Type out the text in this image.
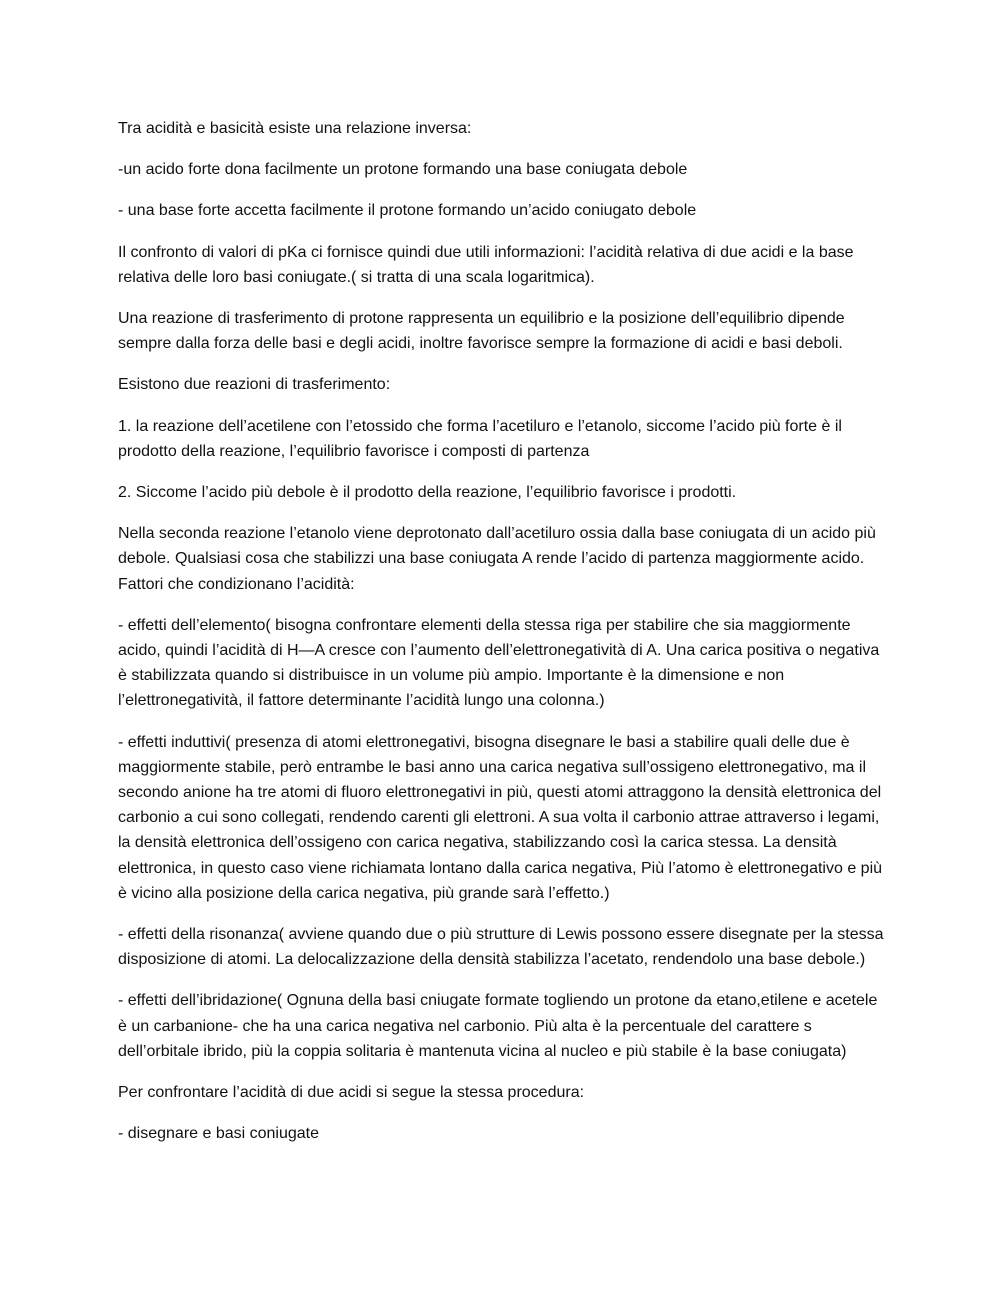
Tra acidità e basicità esiste una relazione inversa:

-un acido forte dona facilmente un protone formando una base coniugata debole

- una base forte accetta facilmente il protone formando un’acido coniugato debole

Il confronto di valori di pKa ci fornisce quindi due utili informazioni: l’acidità relativa di due acidi e la base relativa delle loro basi coniugate.( si tratta di una scala logaritmica).

Una reazione di trasferimento di protone rappresenta un equilibrio e la posizione dell’equilibrio dipende sempre dalla forza delle basi e degli acidi, inoltre favorisce sempre la formazione di acidi e basi deboli.

Esistono due reazioni di trasferimento:

1. la reazione dell’acetilene con l’etossido che forma l’acetiluro e l’etanolo, siccome l’acido più forte è il prodotto della reazione, l’equilibrio favorisce i composti di partenza

2. Siccome l’acido più debole è il prodotto della reazione, l’equilibrio favorisce i prodotti.

Nella seconda reazione l’etanolo viene deprotonato dall’acetiluro ossia dalla base coniugata di un acido più debole. Qualsiasi cosa che stabilizzi una base coniugata A rende l’acido di partenza maggiormente acido. Fattori che condizionano l’acidità:

- effetti dell’elemento( bisogna confrontare elementi della stessa riga per stabilire che sia maggiormente acido, quindi l’acidità di H—A cresce con l’aumento dell’elettronegatività di A. Una carica positiva o negativa è stabilizzata quando si distribuisce in un volume più ampio. Importante è la dimensione e non l’elettronegatività, il fattore determinante l’acidità lungo una colonna.)

- effetti induttivi( presenza di atomi elettronegativi, bisogna disegnare le basi a stabilire quali delle due è maggiormente stabile, però entrambe le basi anno una carica negativa sull’ossigeno elettronegativo, ma il secondo anione ha tre atomi di fluoro elettronegativi in più, questi atomi attraggono la densità elettronica del carbonio a cui sono collegati, rendendo carenti gli elettroni. A sua volta il carbonio attrae attraverso i legami, la densità elettronica dell’ossigeno con carica negativa, stabilizzando così la carica stessa. La densità elettronica, in questo caso viene richiamata lontano dalla carica negativa, Più l’atomo è elettronegativo e più è vicino alla posizione della carica negativa, più grande sarà l’effetto.)

- effetti della risonanza( avviene quando due o più strutture di Lewis possono essere disegnate per la stessa disposizione di atomi. La delocalizzazione della densità stabilizza l’acetato, rendendolo una base debole.)

- effetti dell’ibridazione( Ognuna della basi cniugate formate togliendo un protone da etano,etilene e acetele è un carbanione- che ha una carica negativa nel carbonio. Più alta è la percentuale del carattere s dell’orbitale ibrido, più la coppia solitaria è mantenuta vicina al nucleo e più stabile è la base coniugata)

Per confrontare l’acidità di due acidi si segue la stessa procedura:

- disegnare e basi coniugate
